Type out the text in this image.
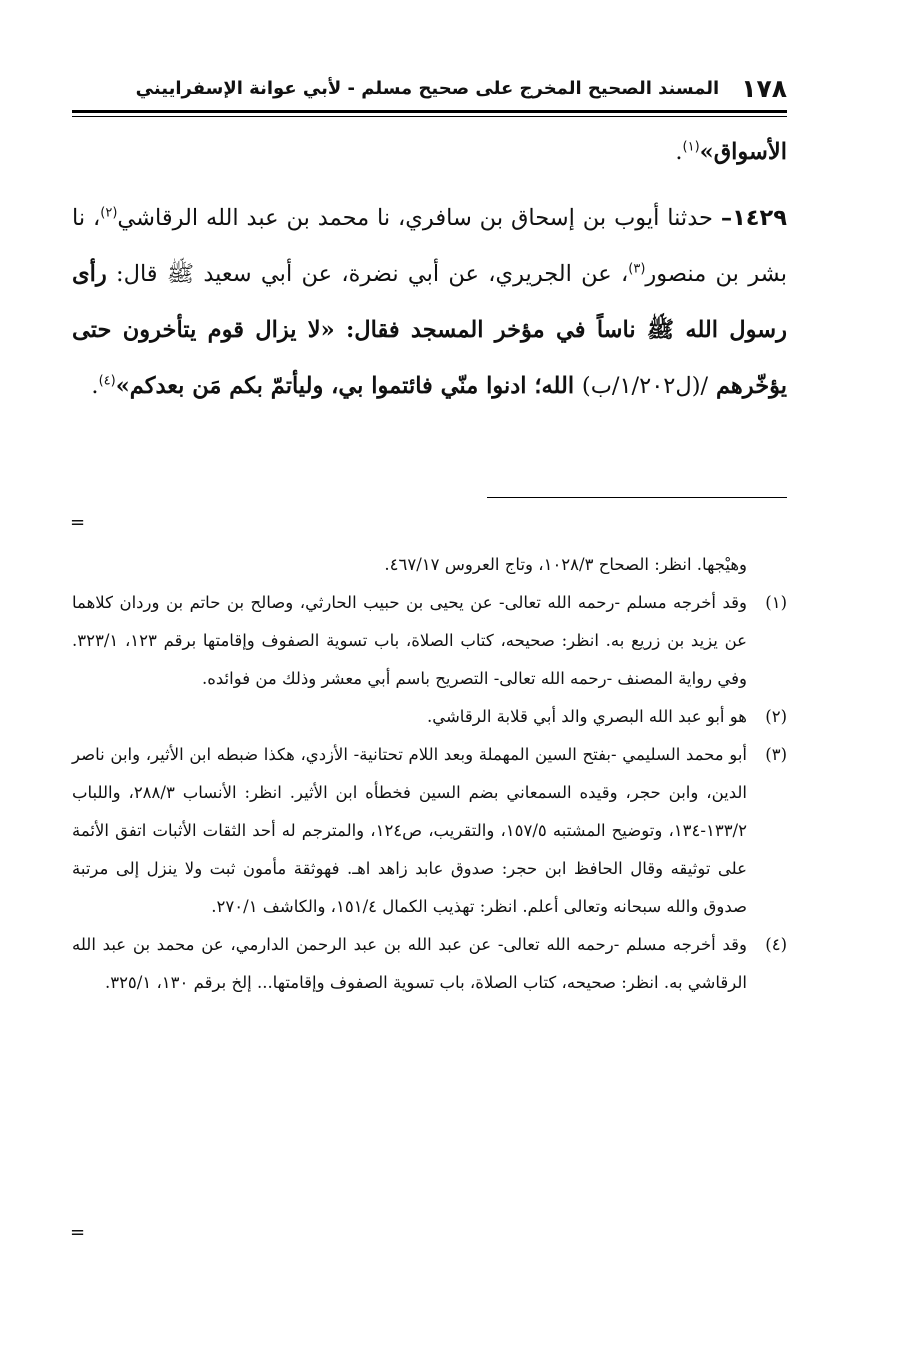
١٧٨
المسند الصحيح المخرج على صحيح مسلم - لأبي عوانة الإسفراييني

الأسواق»$^{(١)}$.

١٤٢٩– حدثنا أيوب بن إسحاق بن سافري، نا محمد بن عبد الله الرقاشي$^{(٢)}$، نا بشر بن منصور$^{(٣)}$، عن الجريري، عن أبي نضرة، عن أبي سعيد ﷺ قال: رأى رسول الله ﷺ ناساً في مؤخر المسجد فقال: «لا يزال قوم يتأخرون حتى يؤخّرهم /(ل١/٢٠٢/ب) الله؛ ادنوا منّي فائتموا بي، وليأتمّ بكم مَن بعدكم»$^{(٤)}$.

=

وهيْجها. انظر: الصحاح ١٠٢٨/٣، وتاج العروس ٤٦٧/١٧.

(١)
وقد أخرجه مسلم -رحمه الله تعالى- عن يحيى بن حبيب الحارثي، وصالح بن حاتم بن وردان كلاهما عن يزيد بن زريع به. انظر: صحيحه، كتاب الصلاة، باب تسوية الصفوف وإقامتها برقم ١٢٣، ٣٢٣/١. وفي رواية المصنف -رحمه الله تعالى- التصريح باسم أبي معشر وذلك من فوائده.
(٢)
هو أبو عبد الله البصري والد أبي قلابة الرقاشي.
(٣)
أبو محمد السليمي -بفتح السين المهملة وبعد اللام تحتانية- الأزدي، هكذا ضبطه ابن الأثير، وابن ناصر الدين، وابن حجر، وقيده السمعاني بضم السين فخطأه ابن الأثير. انظر: الأنساب ٢٨٨/٣، واللباب ١٣٣/٢-١٣٤، وتوضيح المشتبه ١٥٧/٥، والتقريب، ص١٢٤، والمترجم له أحد الثقات الأثبات اتفق الأئمة على توثيقه وقال الحافظ ابن حجر: صدوق عابد زاهد اهـ. فهوثقة مأمون ثبت ولا ينزل إلى مرتبة صدوق والله سبحانه وتعالى أعلم. انظر: تهذيب الكمال ١٥١/٤، والكاشف ٢٧٠/١.
(٤)
وقد أخرجه مسلم -رحمه الله تعالى- عن عبد الله بن عبد الرحمن الدارمي، عن محمد بن عبد الله الرقاشي به. انظر: صحيحه، كتاب الصلاة، باب تسوية الصفوف وإقامتها... إلخ برقم ١٣٠، ٣٢٥/١.
=
